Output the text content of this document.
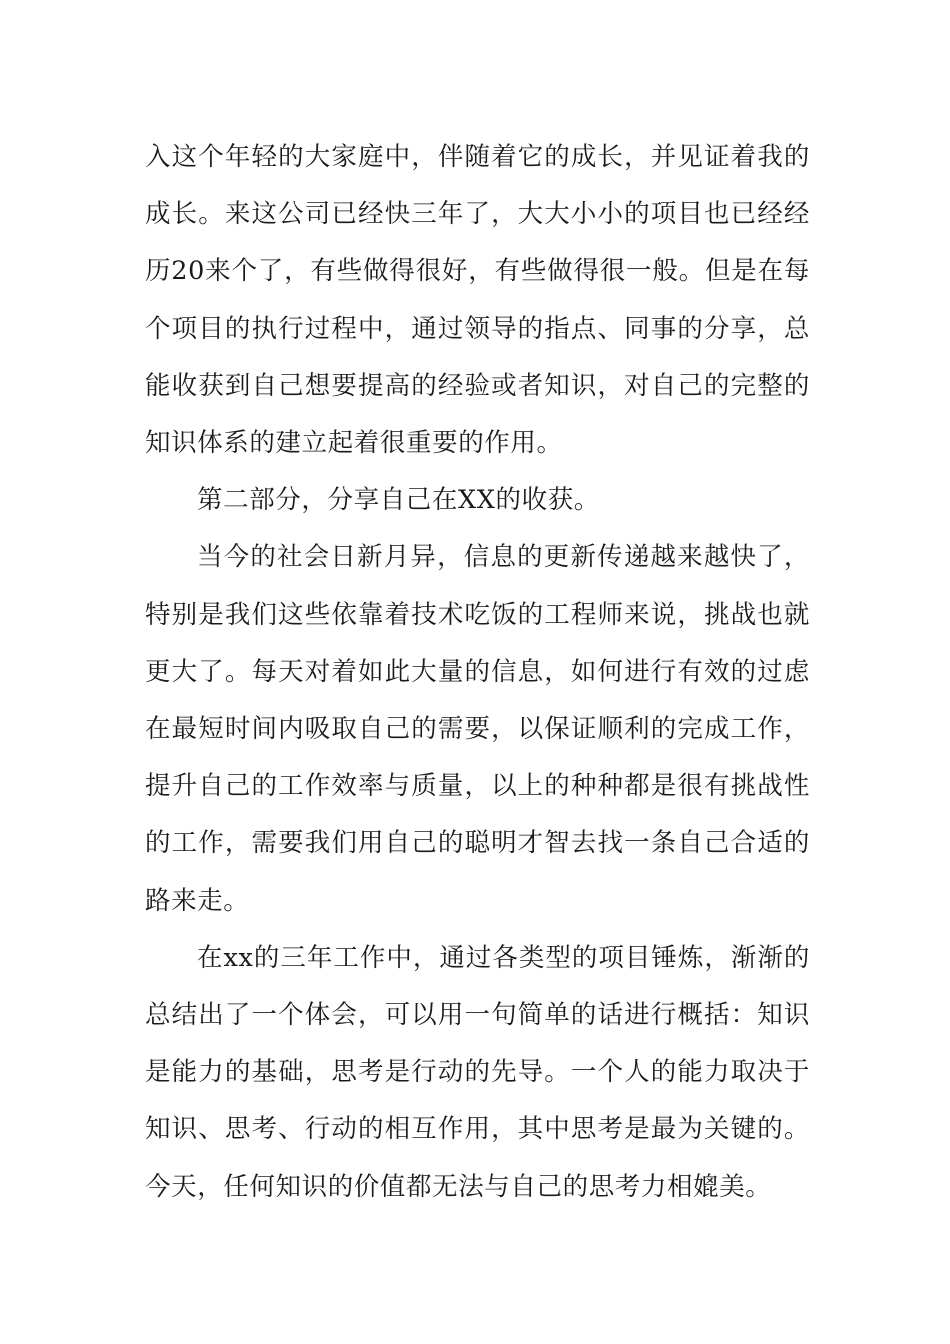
入这个年轻的大家庭中，伴随着它的成长，并见证着我的成长。来这公司已经快三年了，大大小小的项目也已经经历20来个了，有些做得很好，有些做得很一般。但是在每个项目的执行过程中，通过领导的指点、同事的分享，总能收获到自己想要提高的经验或者知识，对自己的完整的知识体系的建立起着很重要的作用。

第二部分，分享自己在XX的收获。

当今的社会日新月异，信息的更新传递越来越快了，特别是我们这些依靠着技术吃饭的工程师来说，挑战也就更大了。每天对着如此大量的信息，如何进行有效的过虑在最短时间内吸取自己的需要，以保证顺利的完成工作，提升自己的工作效率与质量，以上的种种都是很有挑战性的工作，需要我们用自己的聪明才智去找一条自己合适的路来走。

在xx的三年工作中，通过各类型的项目锤炼，渐渐的总结出了一个体会，可以用一句简单的话进行概括：知识是能力的基础，思考是行动的先导。一个人的能力取决于知识、思考、行动的相互作用，其中思考是最为关键的。今天，任何知识的价值都无法与自己的思考力相媲美。
